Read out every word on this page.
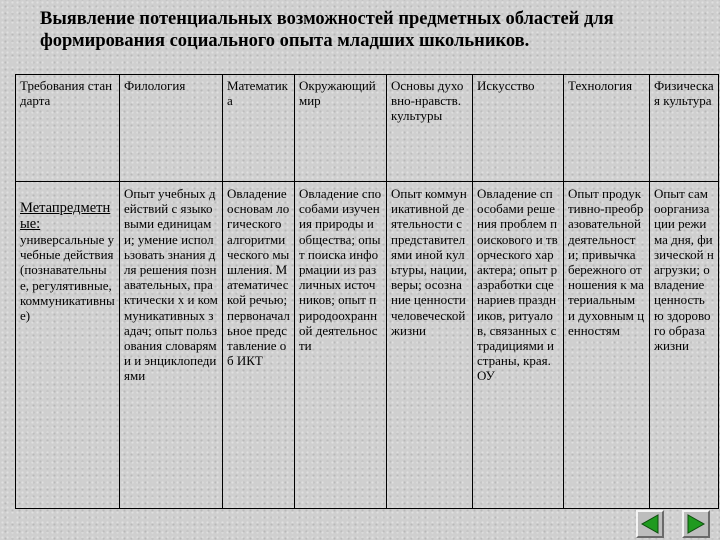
Выявление потенциальных возможностей предметных областей для формирования социального опыта младших школьников.
Требования стандарта	Филология	Математика	Окружающий мир	Основы духовно-нравств. культуры	Искусство	Технология	Физическая культура

Метапредметные:
универсальные учебные действия (познавательные, регулятивные, коммуникативные)	Опыт учебных действий с языковыми единицами; умение использовать знания для решения познавательных, практически х и коммуникативных задач; опыт пользования словарями и энциклопедиями	Овладение основам логического алгоритмического мышления. Математической речью; первоначальное представление об ИКТ	Овладение способами изучения природы и общества; опыт поиска информации из различных источников; опыт природоохранной деятельности	Опыт коммуникативной деятельности с представителями иной культуры, нации, веры; осознание ценности человеческой жизни	Овладение способами решения проблем поискового и творческого характера; опыт разработки сценариев праздников, ритуалов, связанных с традициями и страны, края. ОУ	Опыт продуктивно-преобразовательной деятельности; привычка бережного отношения к материальным и духовным ценностям	Опыт самоорганизации режима дня, физической нагрузки; овладение ценностью здорового образа жизни
